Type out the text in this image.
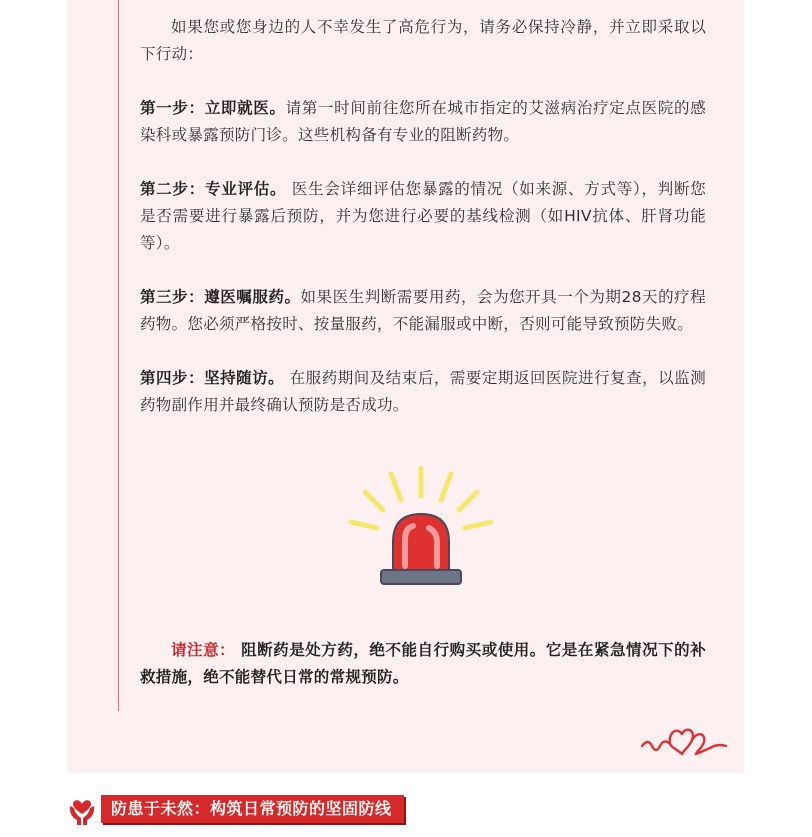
如果您或您身边的人不幸发生了高危行为，请务必保持冷静，并立即采取以下行动：

第一步：立即就医。请第一时间前往您所在城市指定的艾滋病治疗定点医院的感染科或暴露预防门诊。这些机构备有专业的阻断药物。

第二步：专业评估。 医生会详细评估您暴露的情况（如来源、方式等），判断您是否需要进行暴露后预防，并为您进行必要的基线检测（如HIV抗体、肝肾功能等）。

第三步：遵医嘱服药。如果医生判断需要用药，会为您开具一个为期28天的疗程药物。您必须严格按时、按量服药，不能漏服或中断，否则可能导致预防失败。

第四步：坚持随访。 在服药期间及结束后，需要定期返回医院进行复查，以监测药物副作用并最终确认预防是否成功。

请注意： 阻断药是处方药，绝不能自行购买或使用。它是在紧急情况下的补救措施，绝不能替代日常的常规预防。
防患于未然：构筑日常预防的坚固防线
